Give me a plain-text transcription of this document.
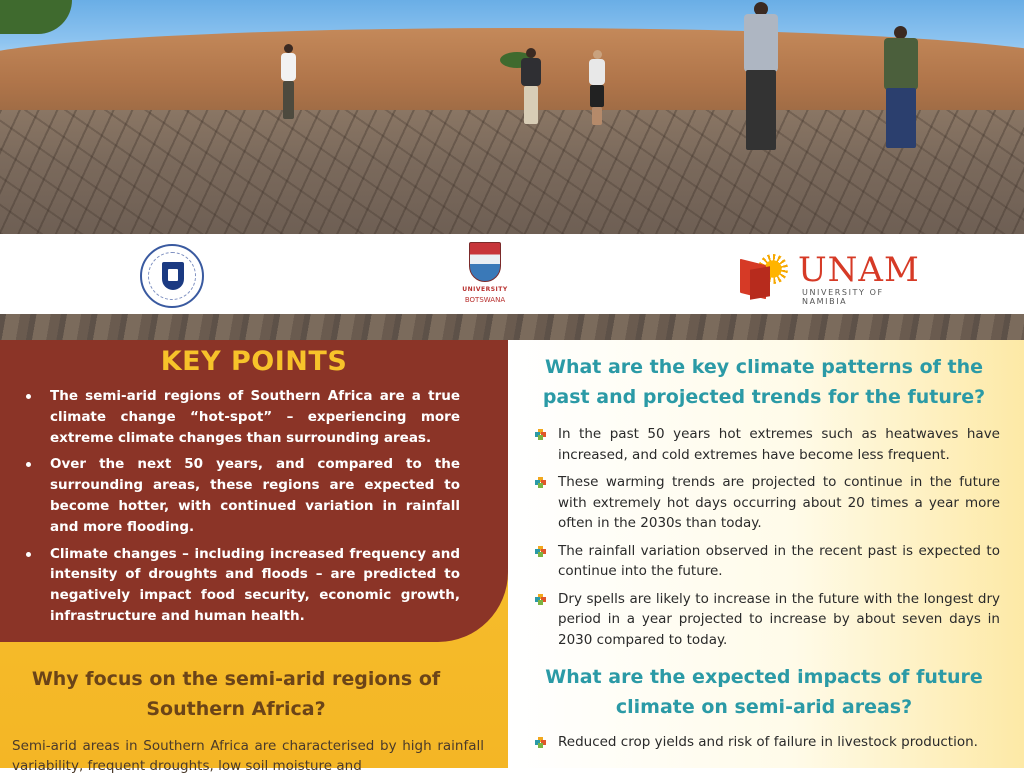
UNIVERSITY
BOTSWANA
UNAM
UNIVERSITY OF NAMIBIA
KEY POINTS
The semi-arid regions of Southern Africa are a true climate change “hot-spot” – experiencing more extreme climate changes than surrounding areas.
Over the next 50 years, and compared to the surrounding areas, these regions are expected to become hotter, with continued variation in rainfall and more flooding.
Climate changes – including increased frequency and intensity of droughts and floods – are predicted to negatively impact food security, economic growth, infrastructure and human health.
Why focus on the semi-arid regions of
Southern Africa?
Semi-arid areas in Southern Africa are characterised by high rainfall variability, frequent droughts, low soil moisture and
What are the key climate patterns of the
past and projected trends for the future?
In the past 50 years hot extremes such as heatwaves have increased, and cold extremes have become less frequent.
These warming trends are projected to continue in the future with extremely hot days occurring about 20 times a year more often in the 2030s than today.
The rainfall variation observed in the recent past is expected to continue into the future.
Dry spells are likely to increase in the future with the longest dry period in a year projected to increase by about seven days in 2030 compared to today.
What are the expected impacts of future
climate on semi-arid areas?
Reduced crop yields and risk of failure in livestock production.
